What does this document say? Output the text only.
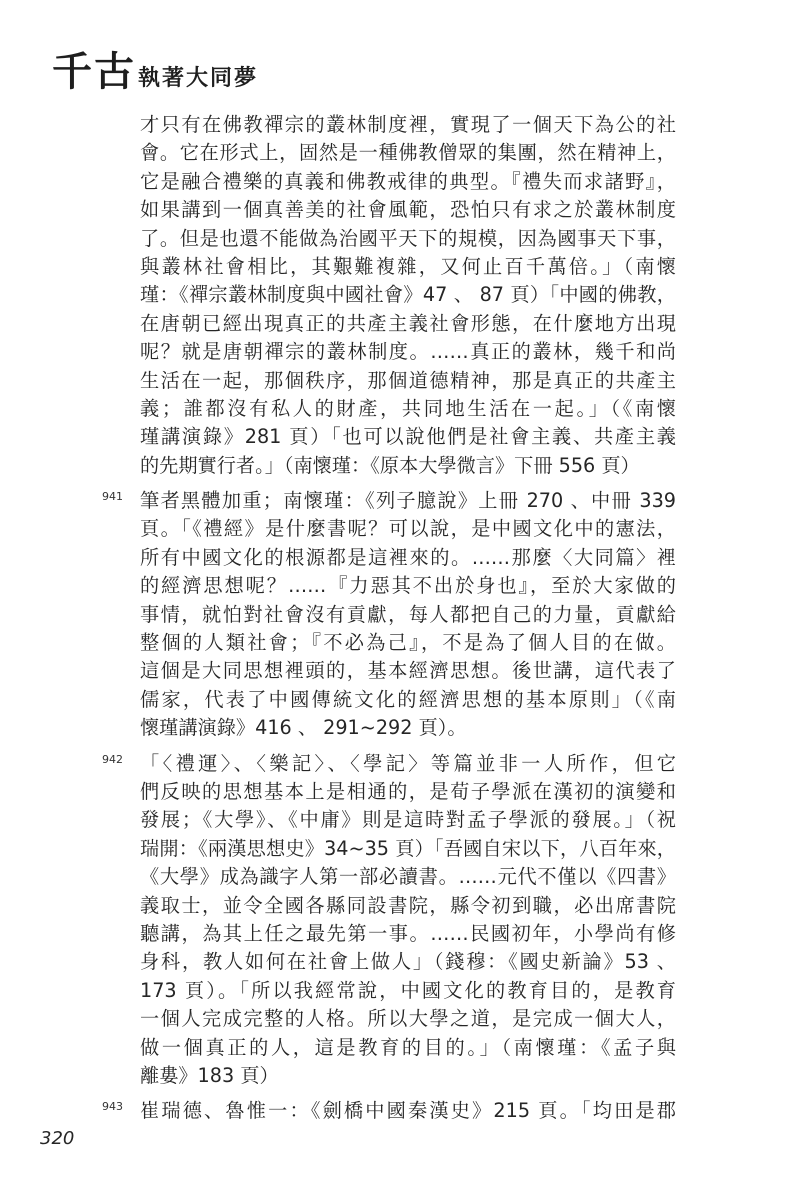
千古執著大同夢
才只有在佛教禪宗的叢林制度裡，實現了一個天下為公的社
會。它在形式上，固然是一種佛教僧眾的集團，然在精神上，
它是融合禮樂的真義和佛教戒律的典型。『禮失而求諸野』，
如果講到一個真善美的社會風範，恐怕只有求之於叢林制度
了。但是也還不能做為治國平天下的規模，因為國事天下事，
與叢林社會相比，其艱難複雜，又何止百千萬倍。」（南懷
瑾：《禪宗叢林制度與中國社會》47 、 87 頁）「中國的佛教，
在唐朝已經出現真正的共產主義社會形態，在什麼地方出現
呢？就是唐朝禪宗的叢林制度。……真正的叢林，幾千和尚
生活在一起，那個秩序，那個道德精神，那是真正的共產主
義；誰都沒有私人的財產，共同地生活在一起。」（《南懷
瑾講演錄》281 頁）「也可以說他們是社會主義、共產主義
的先期實行者。」（南懷瑾：《原本大學微言》下冊 556 頁）
941 筆者黑體加重；南懷瑾：《列子臆說》上冊 270 、中冊 339
頁。「《禮經》是什麼書呢？可以說，是中國文化中的憲法，
所有中國文化的根源都是這裡來的。……那麼〈大同篇〉裡
的經濟思想呢？……『力惡其不出於身也』，至於大家做的
事情，就怕對社會沒有貢獻，每人都把自己的力量，貢獻給
整個的人類社會；『不必為己』，不是為了個人目的在做。
這個是大同思想裡頭的，基本經濟思想。後世講，這代表了
儒家，代表了中國傳統文化的經濟思想的基本原則」（《南
懷瑾講演錄》416 、 291~292 頁）。
942 「〈禮運〉、〈樂記〉、〈學記〉等篇並非一人所作，但它
們反映的思想基本上是相通的，是荀子學派在漢初的演變和
發展；《大學》、《中庸》則是這時對孟子學派的發展。」（祝
瑞開：《兩漢思想史》34~35 頁）「吾國自宋以下，八百年來，
《大學》成為識字人第一部必讀書。……元代不僅以《四書》
義取士，並令全國各縣同設書院，縣令初到職，必出席書院
聽講，為其上任之最先第一事。……民國初年，小學尚有修
身科，教人如何在社會上做人」（錢穆：《國史新論》53 、
173 頁）。「所以我經常說，中國文化的教育目的，是教育
一個人完成完整的人格。所以大學之道，是完成一個大人，
做一個真正的人，這是教育的目的。」（南懷瑾：《孟子與
離婁》183 頁）
943 崔瑞德、魯惟一：《劍橋中國秦漢史》215 頁。「均田是郡
320
